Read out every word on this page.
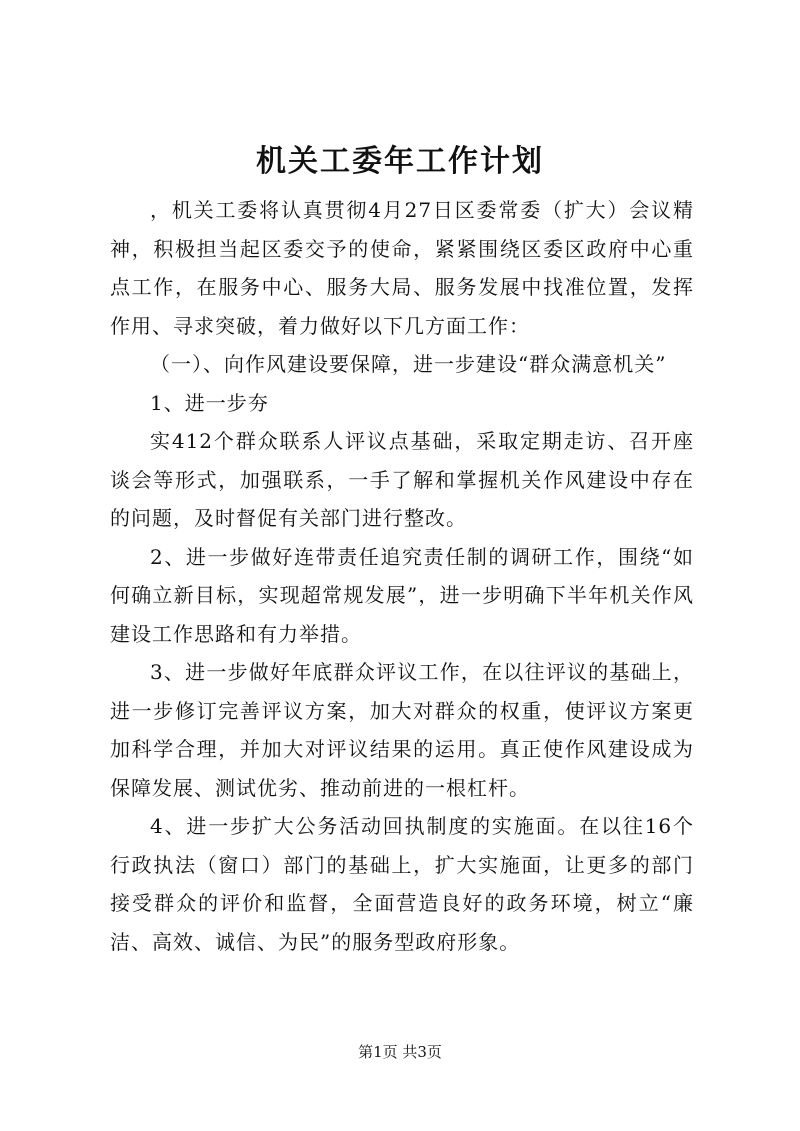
机关工委年工作计划

，机关工委将认真贯彻4月27日区委常委（扩大）会议精神，积极担当起区委交予的使命，紧紧围绕区委区政府中心重点工作，在服务中心、服务大局、服务发展中找准位置，发挥作用、寻求突破，着力做好以下几方面工作：

（一）、向作风建设要保障，进一步建设“群众满意机关”

1、进一步夯

实412个群众联系人评议点基础，采取定期走访、召开座谈会等形式，加强联系，一手了解和掌握机关作风建设中存在的问题，及时督促有关部门进行整改。

2、进一步做好连带责任追究责任制的调研工作，围绕“如何确立新目标，实现超常规发展”，进一步明确下半年机关作风建设工作思路和有力举措。

3、进一步做好年底群众评议工作，在以往评议的基础上，进一步修订完善评议方案，加大对群众的权重，使评议方案更加科学合理，并加大对评议结果的运用。真正使作风建设成为保障发展、测试优劣、推动前进的一根杠杆。

4、进一步扩大公务活动回执制度的实施面。在以往16个行政执法（窗口）部门的基础上，扩大实施面，让更多的部门接受群众的评价和监督，全面营造良好的政务环境，树立“廉洁、高效、诚信、为民”的服务型政府形象。

第1页 共3页
